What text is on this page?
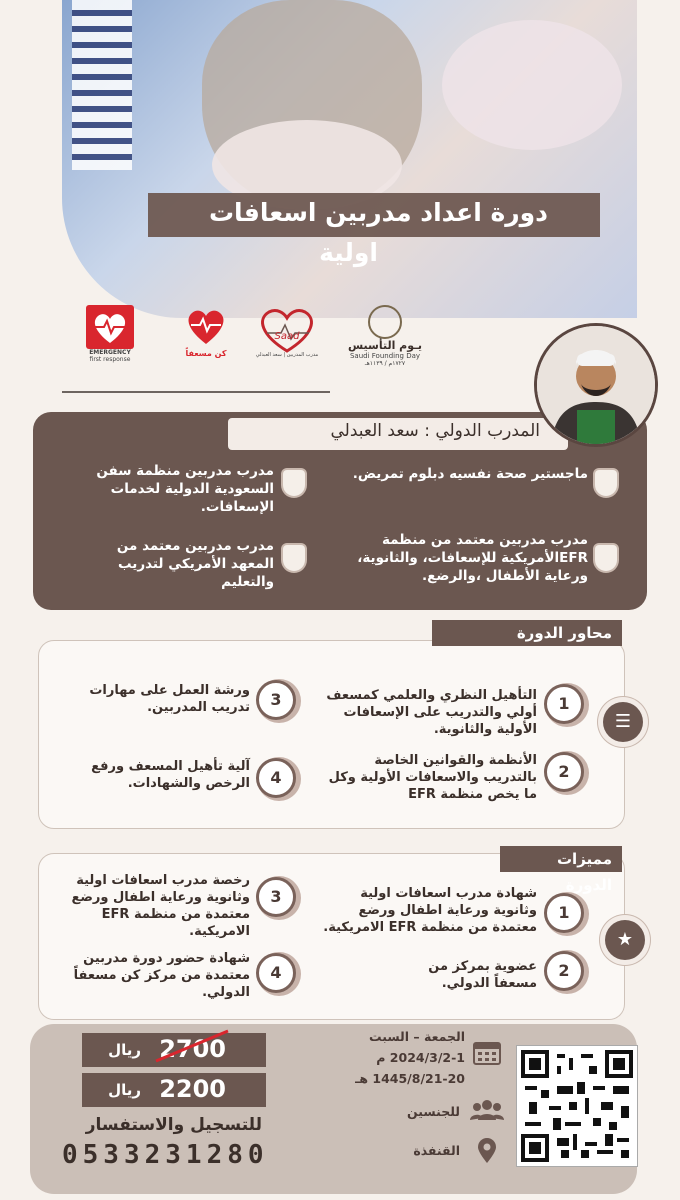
دورة اعداد مدربين اسعافات
اولية
EMERGENCY
first response
كن مسعفاً
Saad
مدرب المدربين | سعد العبدلي
يـوم التأسيس
Saudi Founding Day
١٧٢٧م / ١١٣٩هـ
المدرب الدولي : سعد العبدلي
ماجستير صحة نفسيه دبلوم تمريض.
مدرب مدربين منظمة سفن السعودية الدولية لخدمات الإسعافات.
مدرب مدربين معتمد من منظمة EFRالأمريكية للإسعافات، والثانوية، ورعاية الأطفال ،والرضع.
مدرب مدربين معتمد من المعهد الأمريكي لتدريب والتعليم
محاور الدورة
☰
1
التأهيل النظري والعلمي كمسعف أولي والتدريب على الإسعافات الأولية والثانوية.
2
الأنظمة والقوانين الخاصة بالتدريب والاسعافات الأولية وكل ما يخص منظمة EFR
3
ورشة العمل على مهارات تدريب المدربين.
4
آلية تأهيل المسعف ورفع الرخص والشهادات.
مميزات الدورة
★
1
شهادة مدرب اسعافات اولية وثانوية ورعاية اطفال ورضع معتمدة من منظمة EFR الامريكية.
2
عضوية بمركز من مسعفاً الدولي.
3
رخصة مدرب اسعافات اولية وثانوية ورعاية اطفال ورضع معتمدة من منظمة EFR الامريكية.
4
شهادة حضور دورة مدربين معتمدة من مركز كن مسعفاً الدولي.
2700
ريال
2200
ريال
للتسجيل والاستفسار
0533231280
الجمعة – السبت
2024/3/2-1 م
1445/8/21-20 هـ
للجنسين
القنفذة
